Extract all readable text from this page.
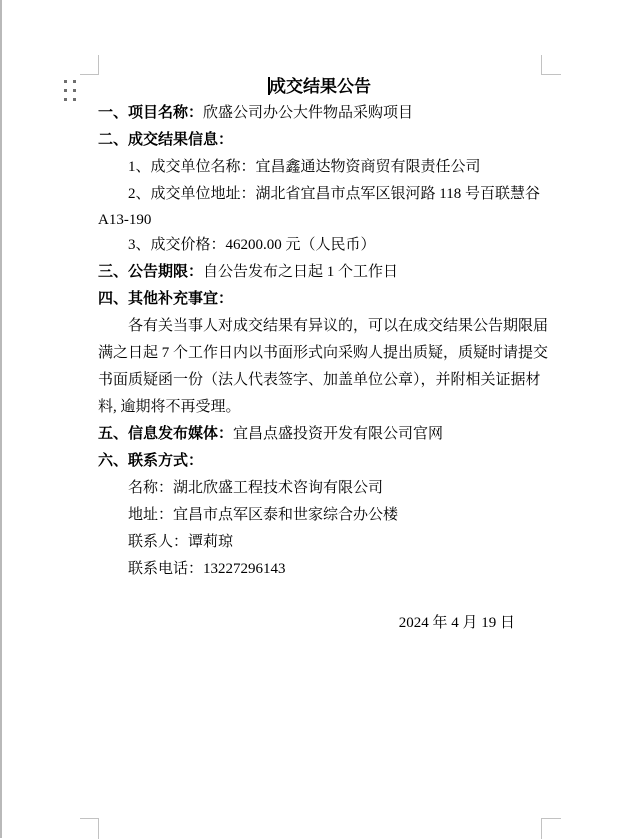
成交结果公告
一、项目名称：欣盛公司办公大件物品采购项目
二、成交结果信息：
1、成交单位名称：宜昌鑫通达物资商贸有限责任公司
2、成交单位地址：湖北省宜昌市点军区银河路 118 号百联慧谷
A13-190
3、成交价格：46200.00 元（人民币）
三、公告期限：自公告发布之日起 1 个工作日
四、其他补充事宜：
各有关当事人对成交结果有异议的，可以在成交结果公告期限届
满之日起 7 个工作日内以书面形式向采购人提出质疑，质疑时请提交
书面质疑函一份（法人代表签字、加盖单位公章），并附相关证据材
料, 逾期将不再受理。
五、信息发布媒体：宜昌点盛投资开发有限公司官网
六、联系方式：
名称：湖北欣盛工程技术咨询有限公司
地址：宜昌市点军区泰和世家综合办公楼
联系人：谭莉琼
联系电话：13227296143
2024 年 4 月 19 日
